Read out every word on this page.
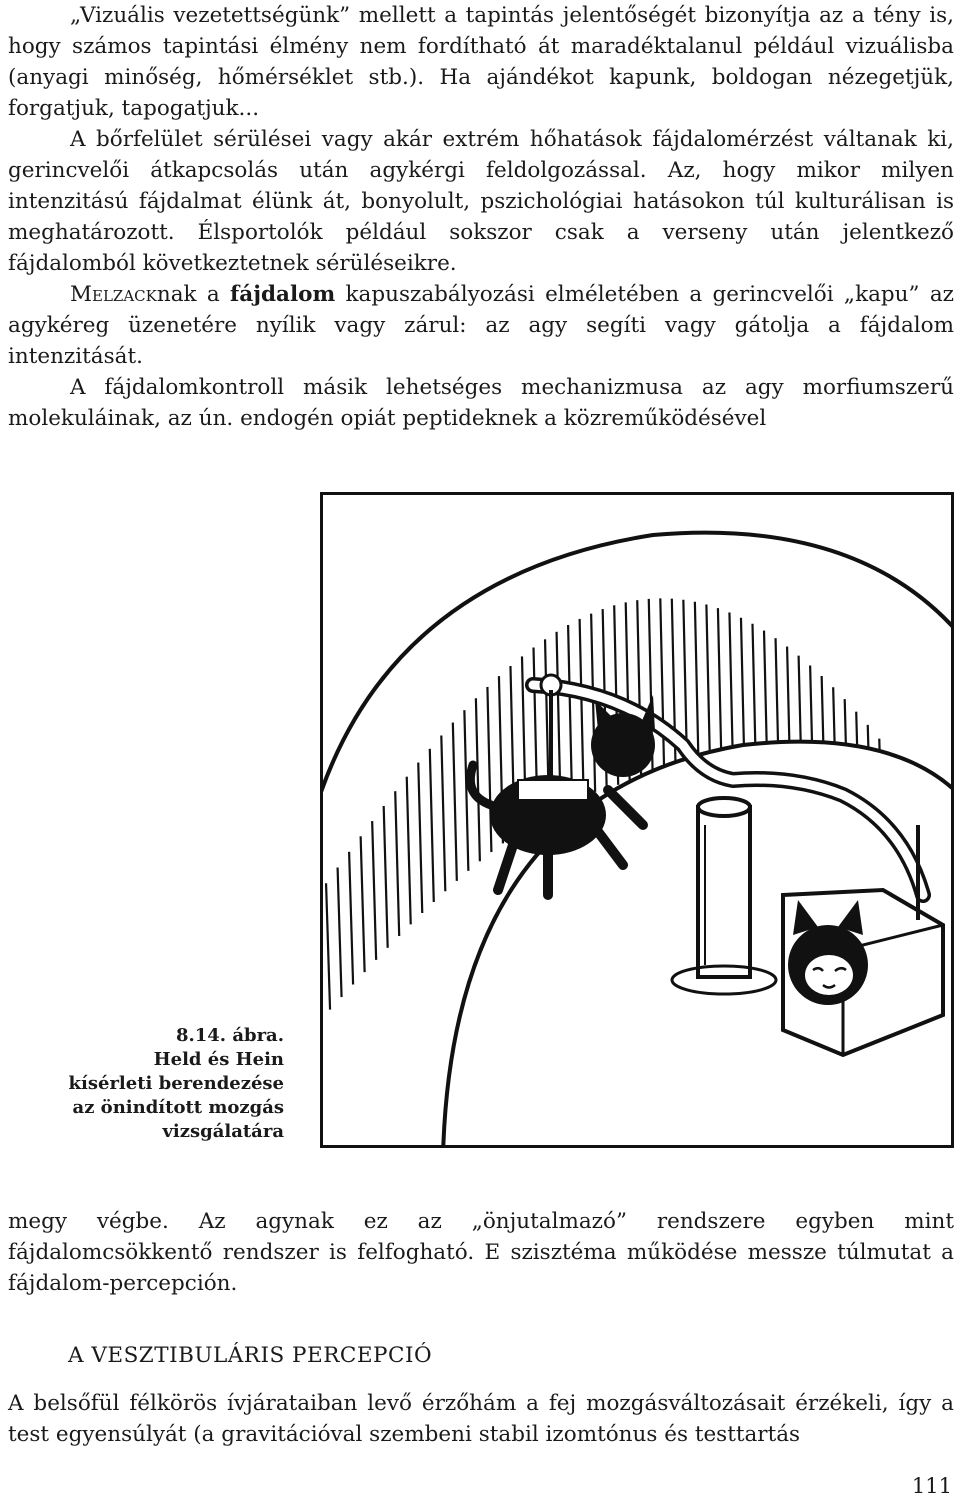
„Vizuális vezetettségünk” mellett a tapintás jelentőségét bizonyítja az a tény is, hogy számos tapintási élmény nem fordítható át maradéktalanul például vizuálisba (anyagi minőség, hőmérséklet stb.). Ha ajándékot kapunk, boldogan nézegetjük, forgatjuk, tapogatjuk...

A bőrfelület sérülései vagy akár extrém hőhatások fájdalomérzést váltanak ki, gerincvelői átkapcsolás után agykérgi feldolgozással. Az, hogy mikor milyen intenzitású fájdalmat élünk át, bonyolult, pszichológiai hatásokon túl kulturálisan is meghatározott. Élsportolók például sokszor csak a verseny után jelentkező fájdalomból következtetnek sérüléseikre.

Melzacknak a fájdalom kapuszabályozási elméletében a gerincvelői „kapu” az agykéreg üzenetére nyílik vagy zárul: az agy segíti vagy gátolja a fájdalom intenzitását.

A fájdalomkontroll másik lehetséges mechanizmusa az agy morfiumszerű molekuláinak, az ún. endogén opiát peptideknek a közreműködésével

8.14. ábra.
Held és Hein
kísérleti berendezése
az önindított mozgás
vizsgálatára

megy végbe. Az agynak ez az „önjutalmazó” rendszere egyben mint fájdalomcsökkentő rendszer is felfogható. E szisztéma működése messze túlmutat a fájdalom-percepción.

A VESZTIBULÁRIS PERCEPCIÓ

A belsőfül félkörös ívjárataiban levő érzőhám a fej mozgásváltozásait érzékeli, így a test egyensúlyát (a gravitációval szembeni stabil izomtónus és testtartás

111
